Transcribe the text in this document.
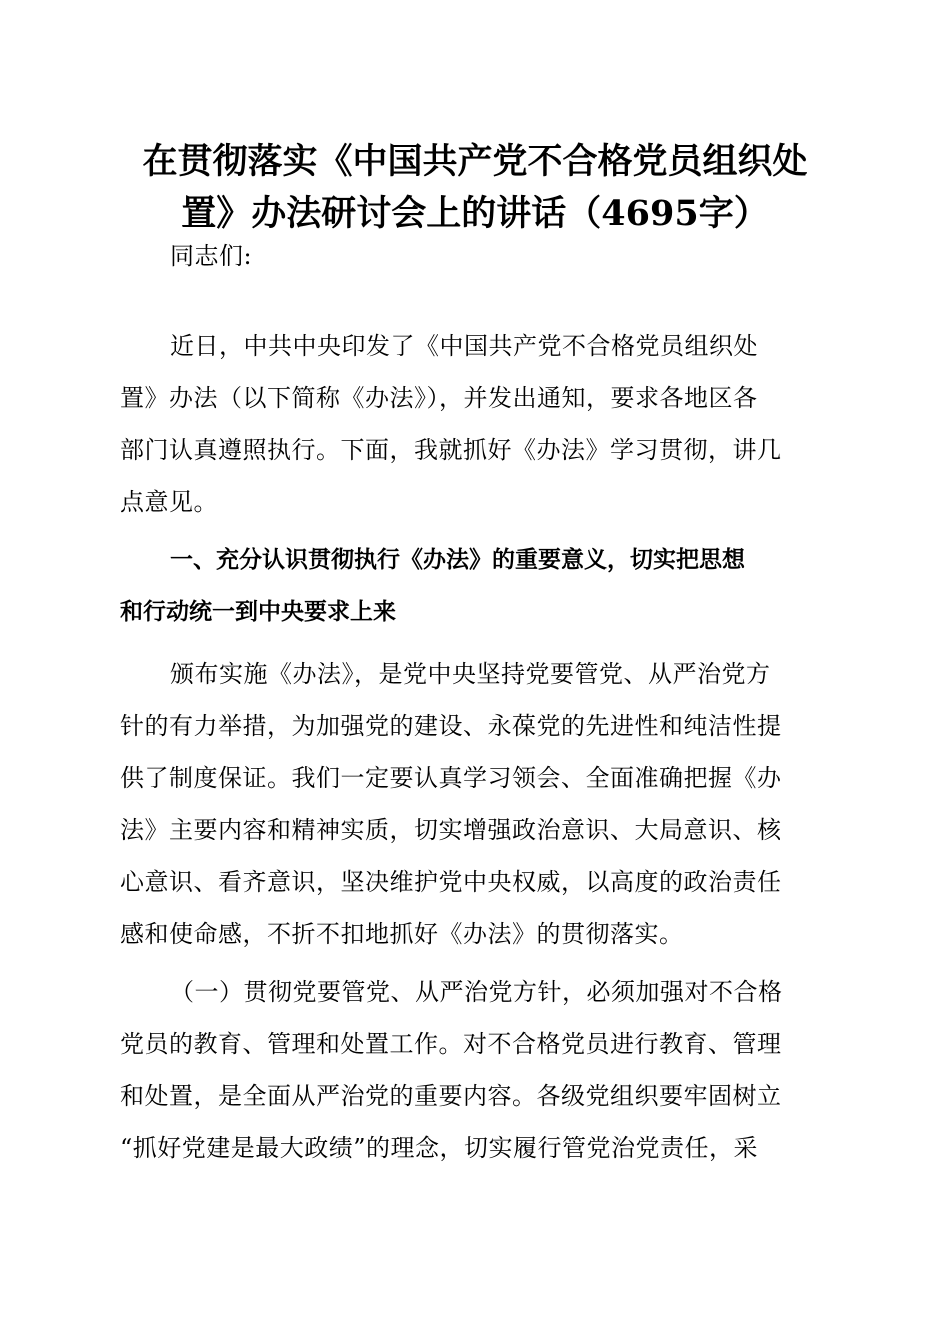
在贯彻落实《中国共产党不合格党员组织处
置》办法研讨会上的讲话（4695字）

同志们:

近日，中共中央印发了《中国共产党不合格党员组织处
置》办法（以下简称《办法》），并发出通知，要求各地区各
部门认真遵照执行。下面，我就抓好《办法》学习贯彻，讲几
点意见。

一、充分认识贯彻执行《办法》的重要意义，切实把思想
和行动统一到中央要求上来

颁布实施《办法》，是党中央坚持党要管党、从严治党方
针的有力举措，为加强党的建设、永葆党的先进性和纯洁性提
供了制度保证。我们一定要认真学习领会、全面准确把握《办
法》主要内容和精神实质，切实增强政治意识、大局意识、核
心意识、看齐意识，坚决维护党中央权威，以高度的政治责任
感和使命感，不折不扣地抓好《办法》的贯彻落实。

（一）贯彻党要管党、从严治党方针，必须加强对不合格
党员的教育、管理和处置工作。对不合格党员进行教育、管理
和处置，是全面从严治党的重要内容。各级党组织要牢固树立
“抓好党建是最大政绩”的理念，切实履行管党治党责任，采
